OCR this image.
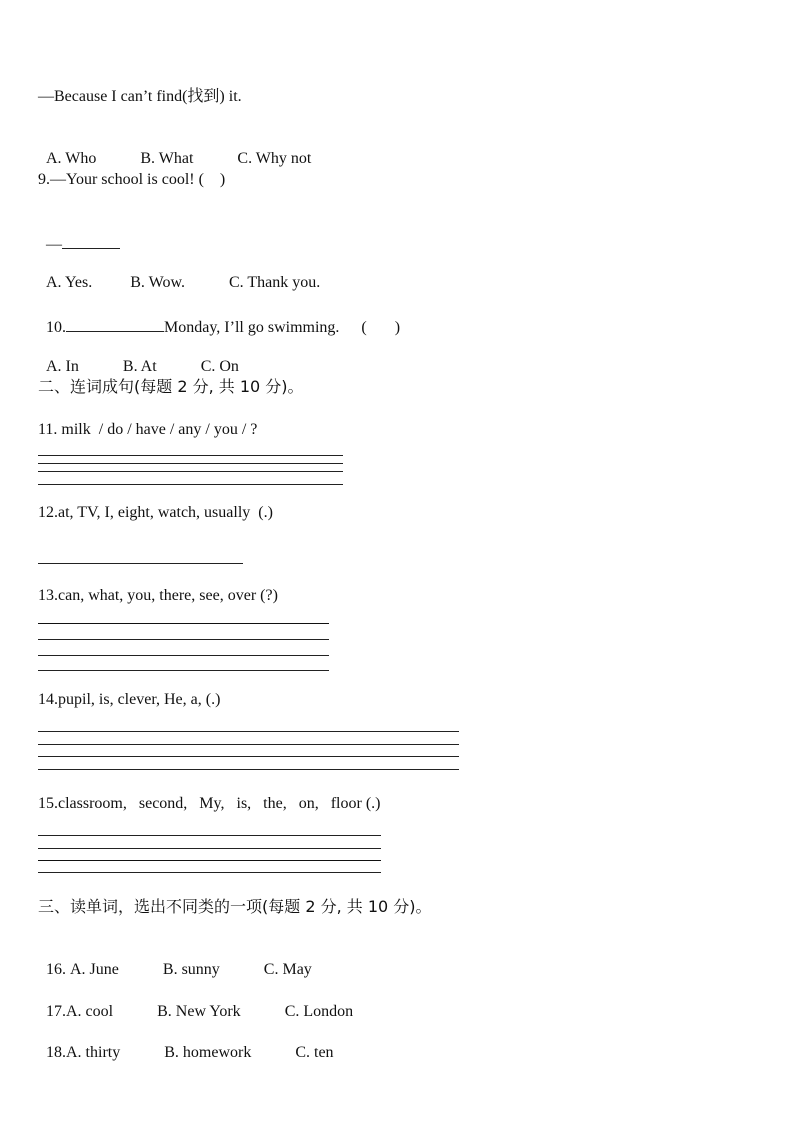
—Because I can’t find(找到) it.

A. Who	B. What	C. Why not

9.—Your school is cool! (    )

—

A. Yes. B. Wow.	C. Thank you.

10.	Monday, I’ll go swimming. (       )

A. In	B. At	C. On

二、连词成句(每题 2 分, 共 10 分)。
11. milk  / do / have / any / you / ?
12.at, TV, I, eight, watch, usually  (.)
13.can, what, you, there, see, over (?)
14.pupil, is, clever, He, a, (.)
15.classroom,   second,   My,   is,   the,   on,   floor (.)
三、读单词，选出不同类的一项(每题 2 分, 共 10 分)。

16. A. June	B. sunny	C. May

17.A. cool	B. New York	C. London

18.A. thirty	B. homework	C. ten
